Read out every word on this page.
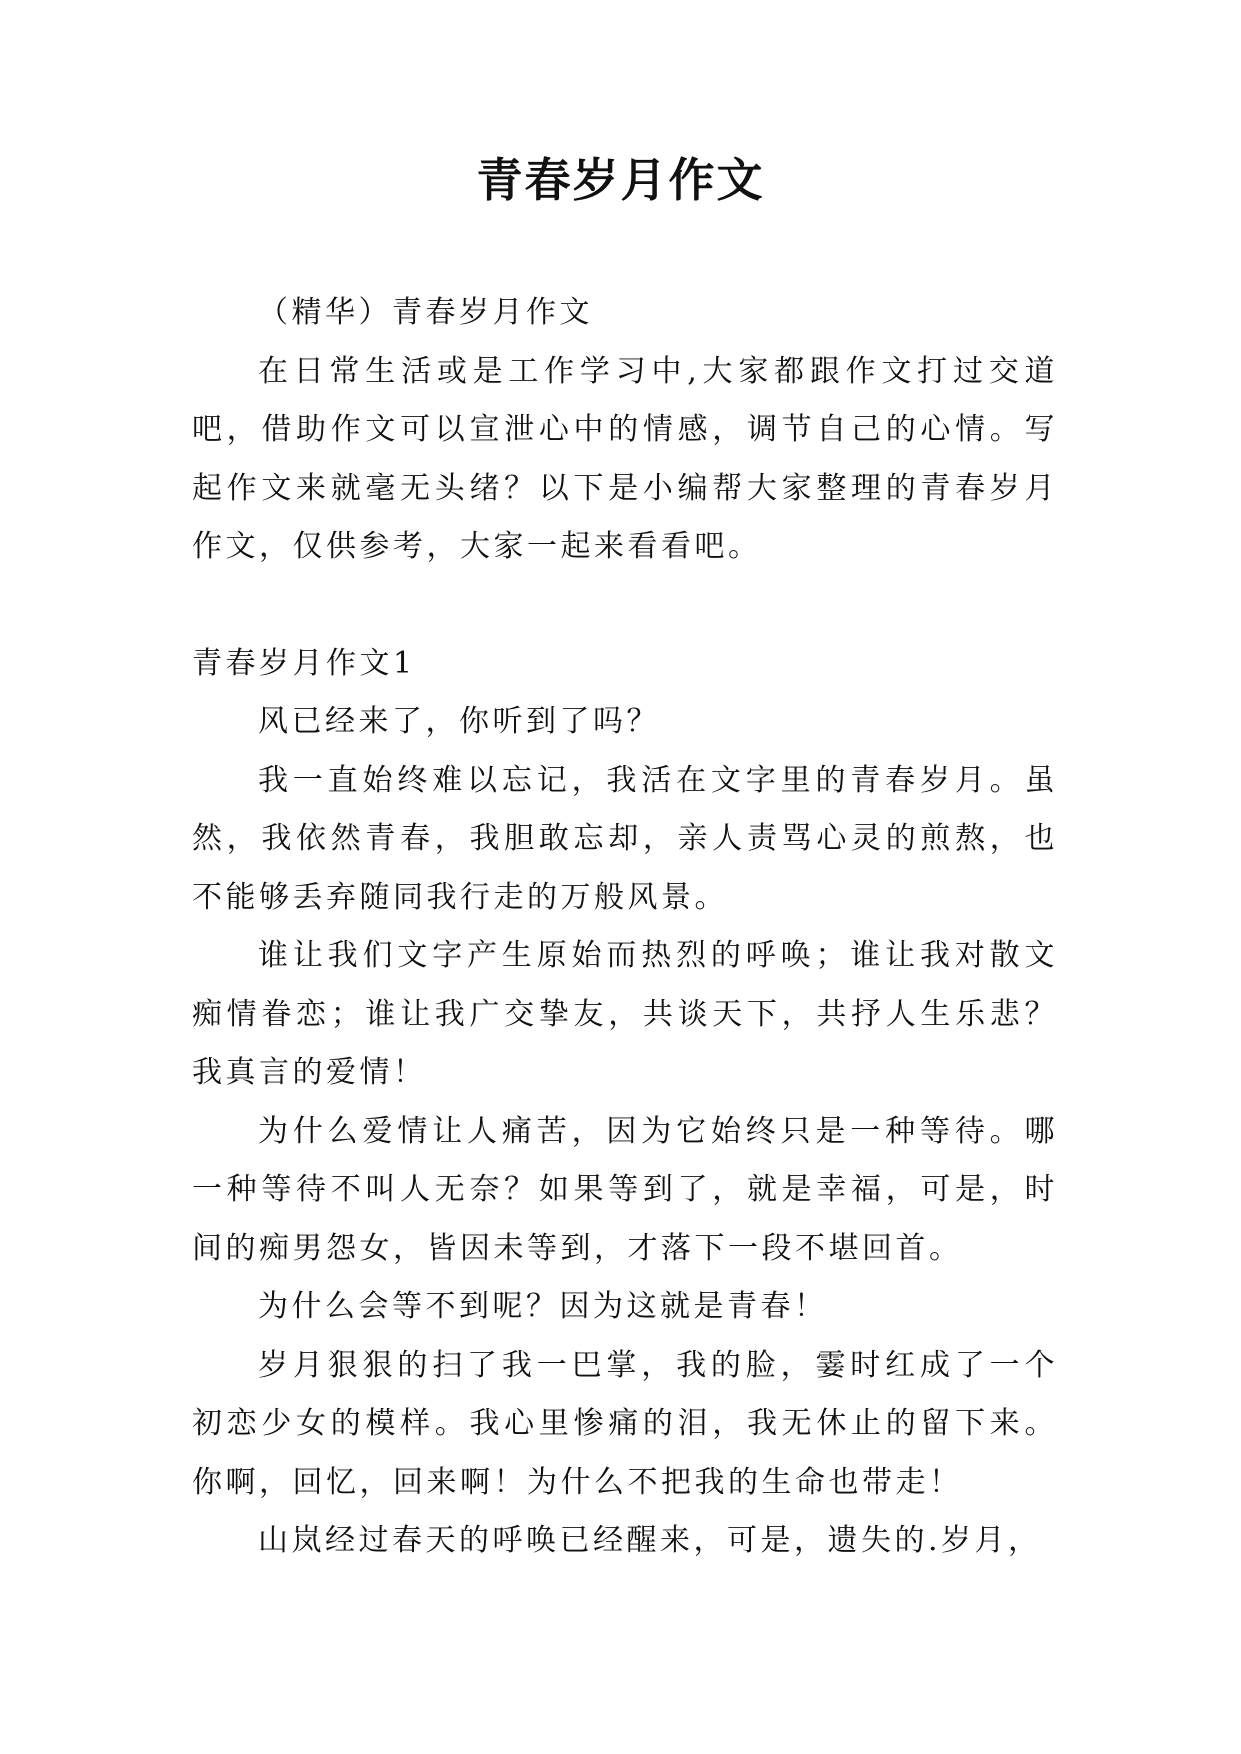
青春岁月作文

（精华）青春岁月作文

在日常生活或是工作学习中,大家都跟作文打过交道吧，借助作文可以宣泄心中的情感，调节自己的心情。写起作文来就毫无头绪？以下是小编帮大家整理的青春岁月作文，仅供参考，大家一起来看看吧。

青春岁月作文1

风已经来了，你听到了吗？

我一直始终难以忘记，我活在文字里的青春岁月。虽然，我依然青春，我胆敢忘却，亲人责骂心灵的煎熬，也不能够丢弃随同我行走的万般风景。

谁让我们文字产生原始而热烈的呼唤；谁让我对散文痴情眷恋；谁让我广交挚友，共谈天下，共抒人生乐悲？我真言的爱情！

为什么爱情让人痛苦，因为它始终只是一种等待。哪一种等待不叫人无奈？如果等到了，就是幸福，可是，时间的痴男怨女，皆因未等到，才落下一段不堪回首。

为什么会等不到呢？因为这就是青春！

岁月狠狠的扫了我一巴掌，我的脸，霎时红成了一个初恋少女的模样。我心里惨痛的泪，我无休止的留下来。你啊，回忆，回来啊！为什么不把我的生命也带走！

山岚经过春天的呼唤已经醒来，可是，遗失的.岁月，
